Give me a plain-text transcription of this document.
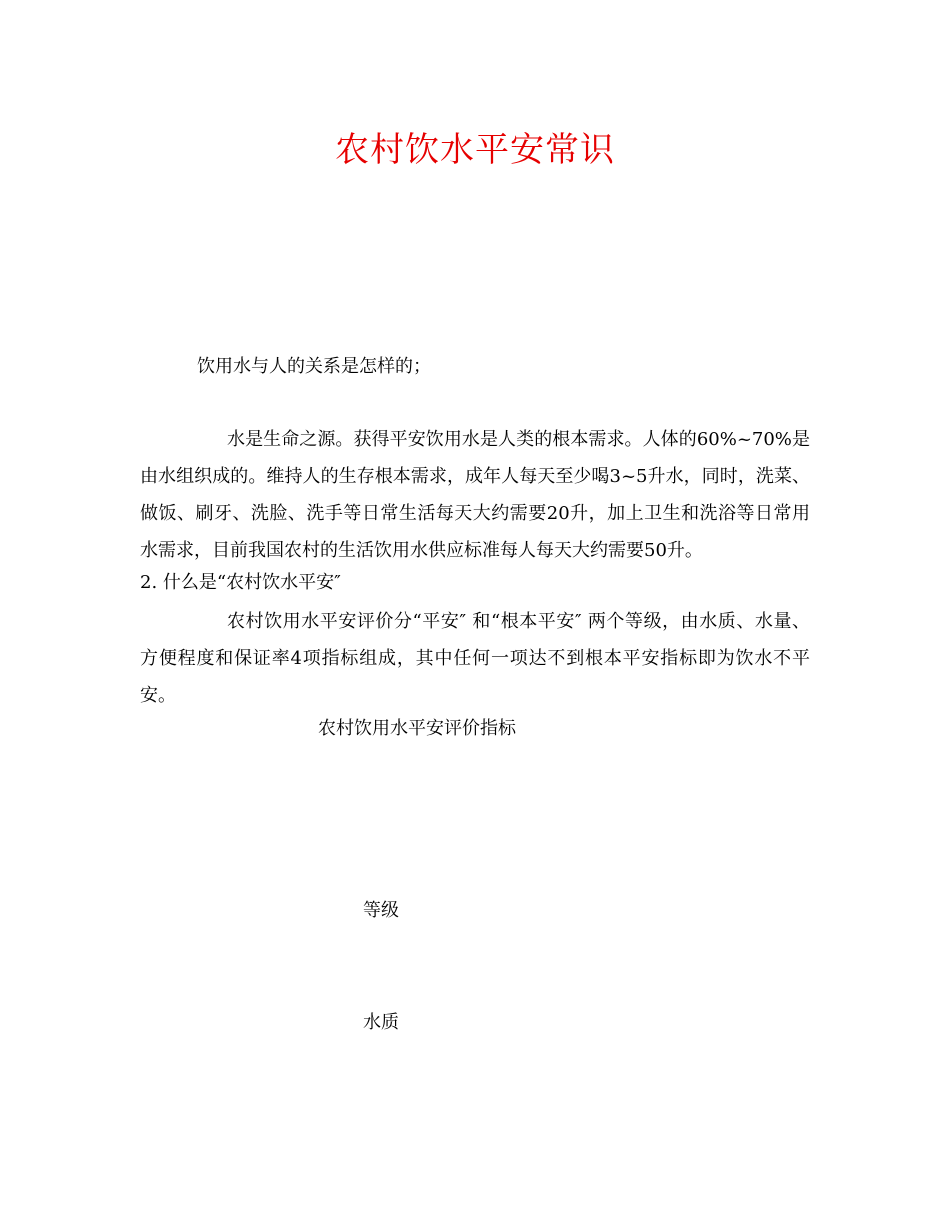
农村饮水平安常识
饮用水与人的关系是怎样的；
水是生命之源。获得平安饮用水是人类的根本需求。人体的60%~70%是由水组织成的。维持人的生存根本需求，成年人每天至少喝3~5升水，同时，洗菜、做饭、刷牙、洗脸、洗手等日常生活每天大约需要20升，加上卫生和洗浴等日常用水需求，目前我国农村的生活饮用水供应标准每人每天大约需要50升。
2. 什么是“农村饮水平安″
农村饮用水平安评价分“平安″ 和“根本平安″ 两个等级，由水质、水量、方便程度和保证率4项指标组成，其中任何一项达不到根本平安指标即为饮水不平安。
农村饮用水平安评价指标
等级
水质
